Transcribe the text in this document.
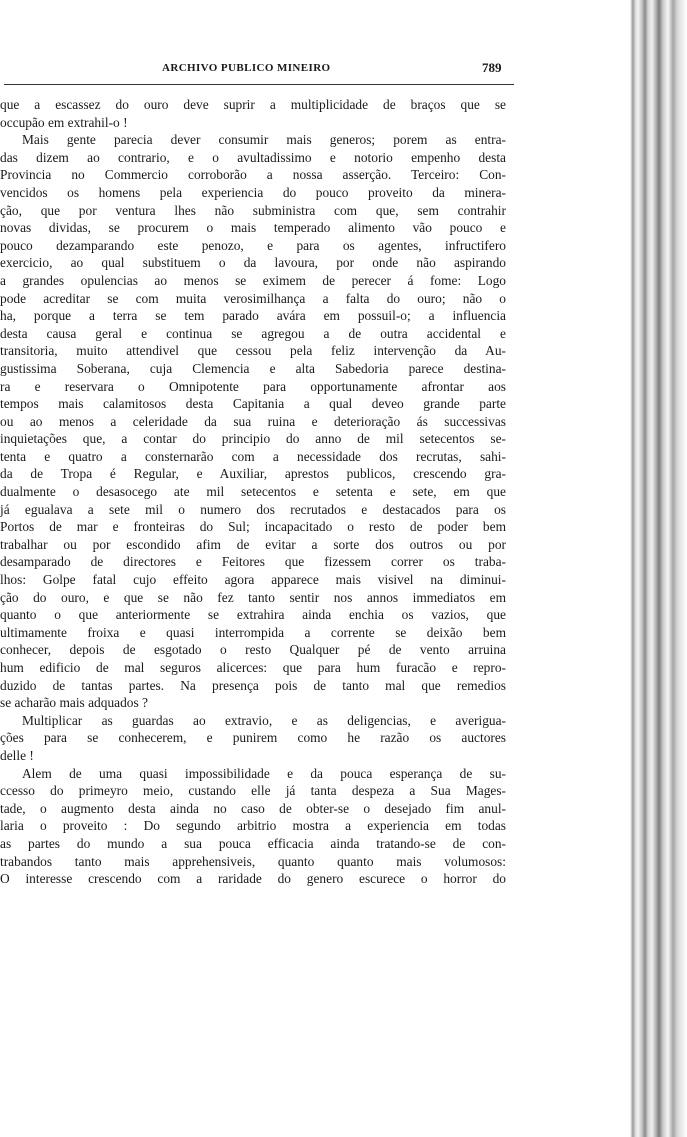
ARCHIVO PUBLICO MINEIRO	789
que a escassez do ouro deve suprir a multiplicidade de braços que se
occupão em extrahil-o !
Mais gente parecia dever consumir mais generos; porem as entra-
das dizem ao contrario, e o avultadissimo e notorio empenho desta
Provincia no Commercio corroborão a nossa asserção. Terceiro: Con-
vencidos os homens pela experiencia do pouco proveito da minera-
ção, que por ventura lhes não subministra com que, sem contrahir
novas dividas, se procurem o mais temperado alimento vão pouco e
pouco dezamparando este penozo, e para os agentes, infructifero
exercicio, ao qual substituem o da lavoura, por onde não aspirando
a grandes opulencias ao menos se eximem de perecer á fome: Logo
pode acreditar se com muita verosimilhança a falta do ouro; não o
ha, porque a terra se tem parado avára em possuil-o; a influencia
desta causa geral e continua se agregou a de outra accidental e
transitoria, muito attendivel que cessou pela feliz intervenção da Au-
gustissima Soberana, cuja Clemencia e alta Sabedoria parece destina-
ra e reservara o Omnipotente para opportunamente afrontar aos
tempos mais calamitosos desta Capitania a qual deveo grande parte
ou ao menos a celeridade da sua ruina e deterioração ás successivas
inquietações que, a contar do principio do anno de mil setecentos se-
tenta e quatro a consternarão com a necessidade dos recrutas, sahi-
da de Tropa é Regular, e Auxiliar, aprestos publicos, crescendo gra-
dualmente o desasocego ate mil setecentos e setenta e sete, em que
já egualava a sete mil o numero dos recrutados e destacados para os
Portos de mar e fronteiras do Sul; incapacitado o resto de poder bem
trabalhar ou por escondido afim de evitar a sorte dos outros ou por
desamparado de directores e Feitores que fizessem correr os traba-
lhos: Golpe fatal cujo effeito agora apparece mais visivel na diminui-
ção do ouro, e que se não fez tanto sentir nos annos immediatos em
quanto o que anteriormente se extrahira ainda enchia os vazios, que
ultimamente froixa e quasi interrompida a corrente se deixão bem
conhecer, depois de esgotado o resto Qualquer pé de vento arruina
hum edificio de mal seguros alicerces: que para hum furacão e repro-
duzido de tantas partes. Na presença pois de tanto mal que remedios
se acharão mais adquados ?
Multiplicar as guardas ao extravio, e as deligencias, e averigua-
ções para se conhecerem, e punirem como he razão os auctores
delle !
Alem de uma quasi impossibilidade e da pouca esperança de su-
ccesso do primeyro meio, custando elle já tanta despeza a Sua Mages-
tade, o augmento desta ainda no caso de obter-se o desejado fim anul-
laria o proveito : Do segundo arbitrio mostra a experiencia em todas
as partes do mundo a sua pouca efficacia ainda tratando-se de con-
trabandos tanto mais apprehensiveis, quanto quanto mais volumosos:
O interesse crescendo com a raridade do genero escurece o horror do
